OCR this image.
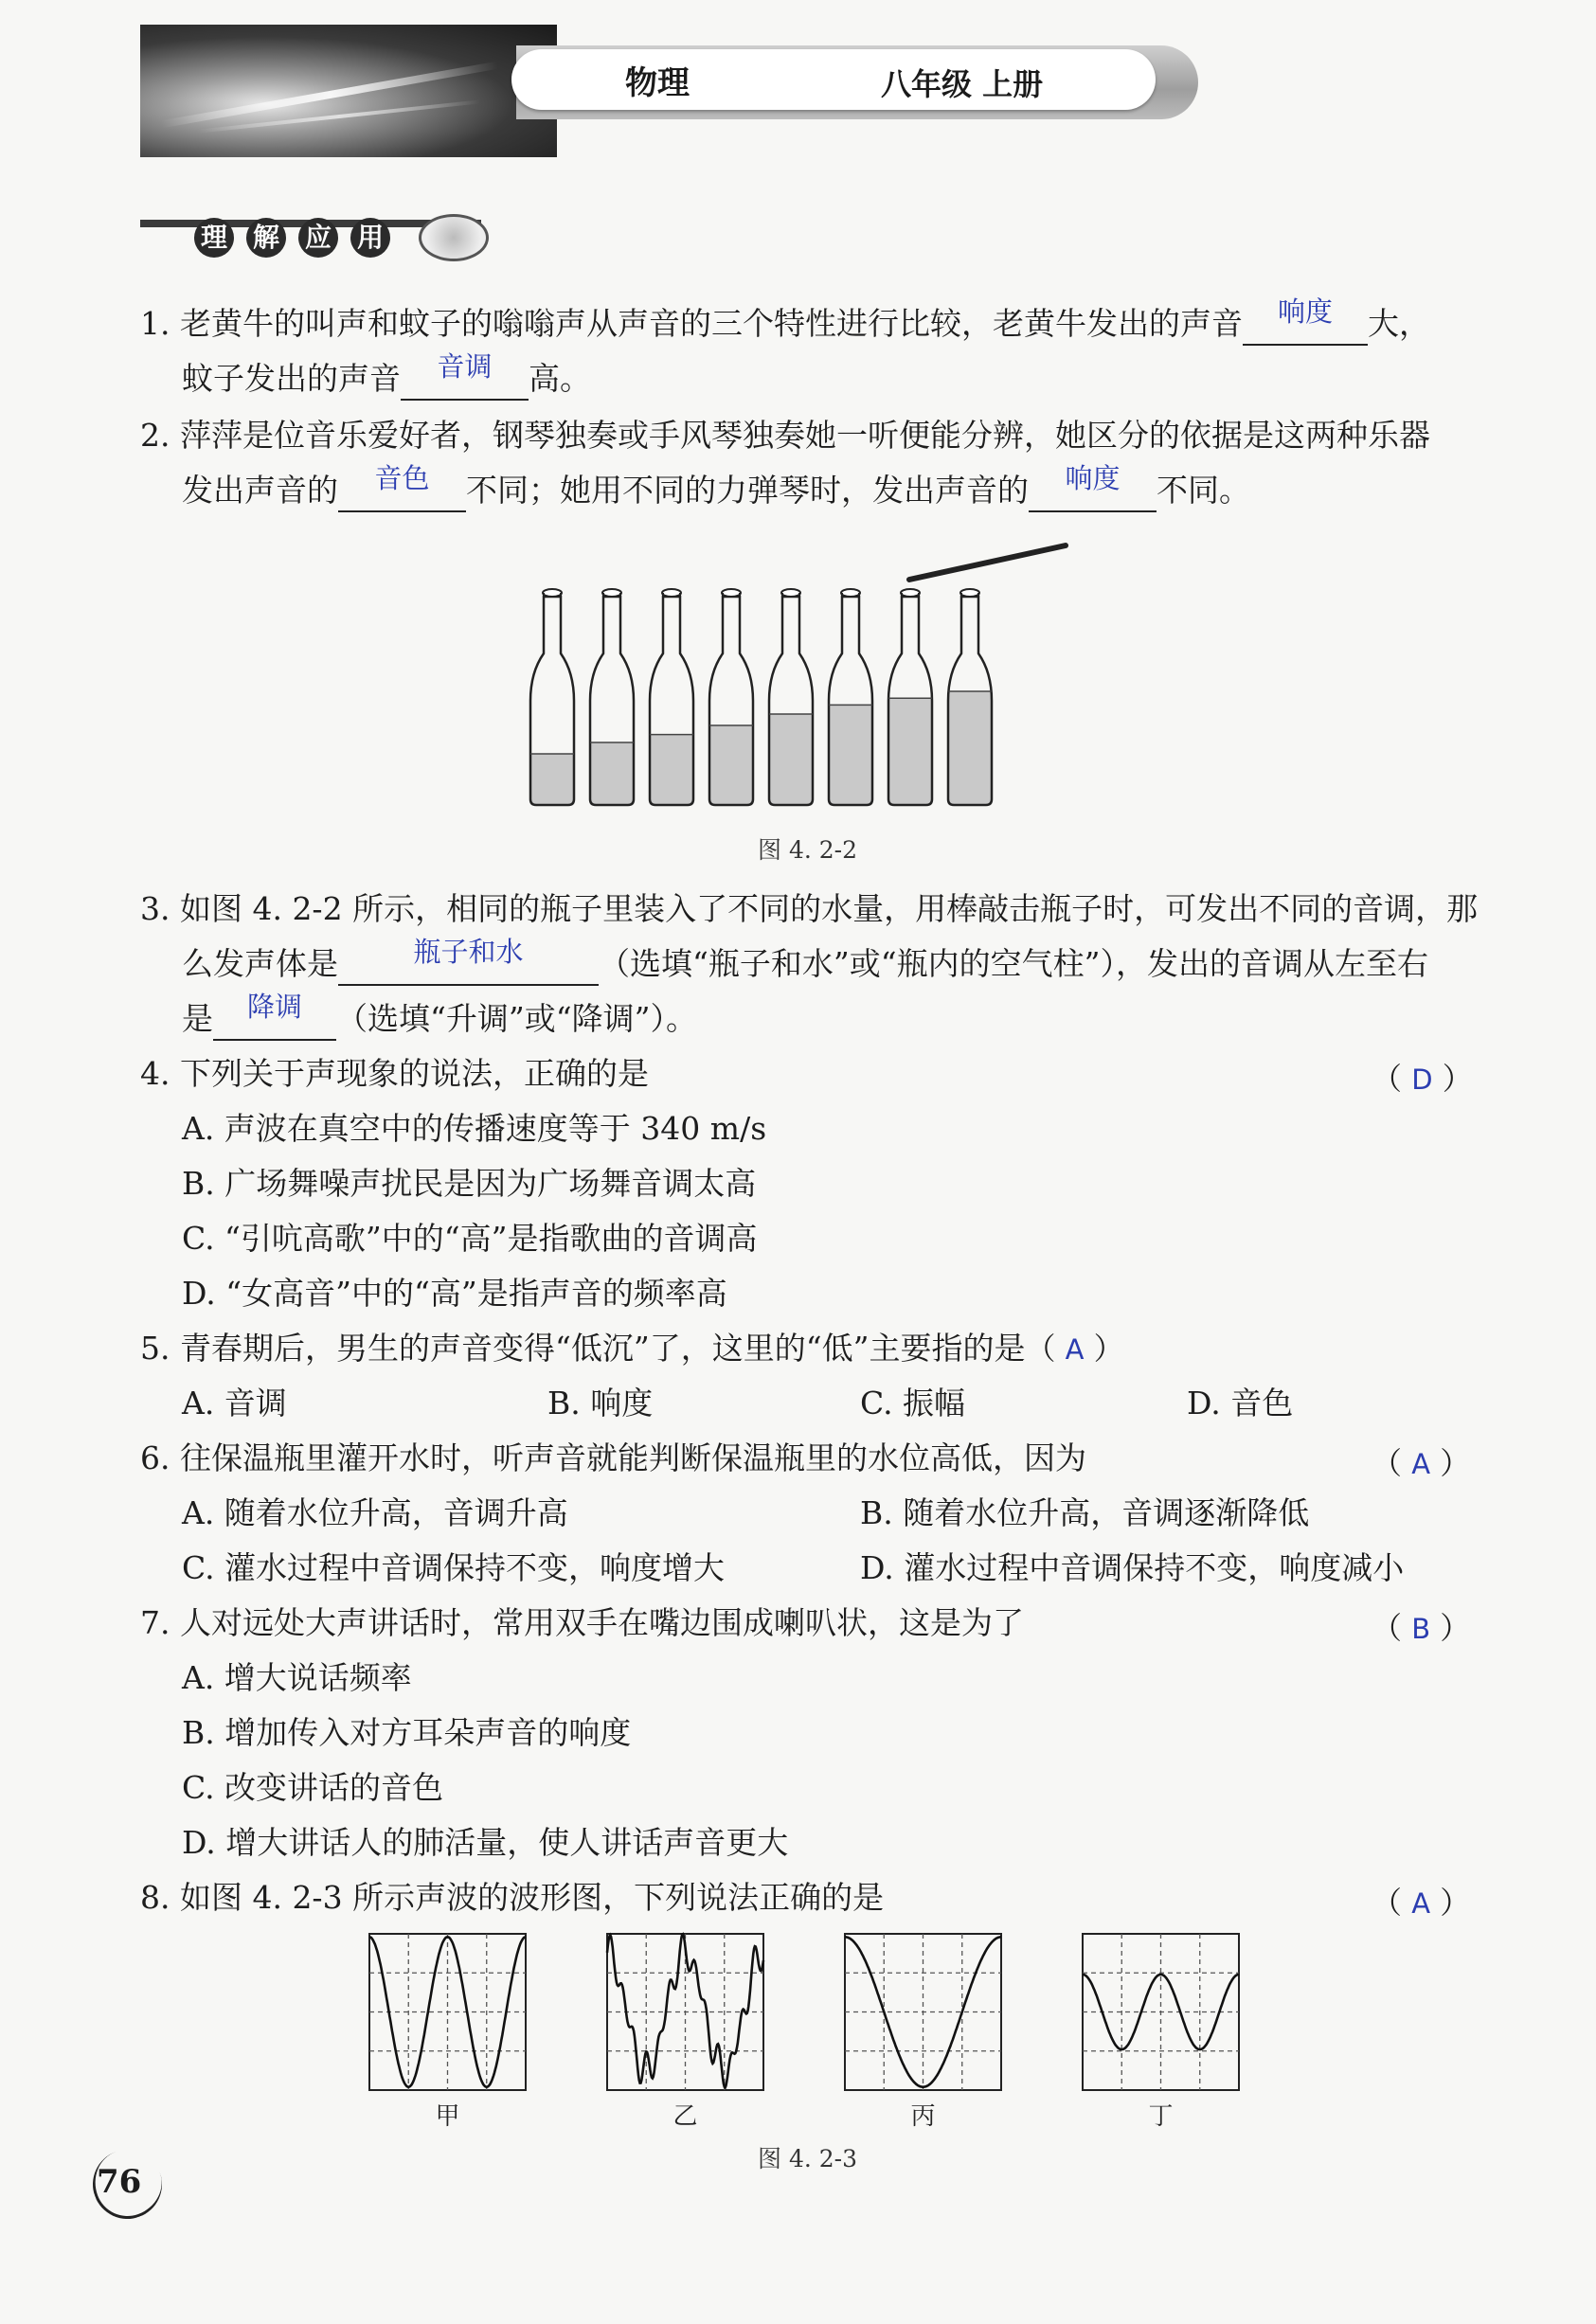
物理	八年级 上册
理 解 应 用
1. 老黄牛的叫声和蚊子的嗡嗡声从声音的三个特性进行比较，老黄牛发出的声音 响度 大，
蚊子发出的声音 音调 高。
2. 萍萍是位音乐爱好者，钢琴独奏或手风琴独奏她一听便能分辨，她区分的依据是这两种乐器
发出声音的 音色 不同；她用不同的力弹琴时，发出声音的 响度 不同。
图 4. 2-2
3. 如图 4. 2-2 所示，相同的瓶子里装入了不同的水量，用棒敲击瓶子时，可发出不同的音调，那
么发声体是	瓶子和水 （选填“瓶子和水”或“瓶内的空气柱”），发出的音调从左至右
是 降调 （选填“升调”或“降调”）。
4. 下列关于声现象的说法，正确的是	（ D ）
A. 声波在真空中的传播速度等于 340 m/s
B. 广场舞噪声扰民是因为广场舞音调太高
C. “引吭高歌”中的“高”是指歌曲的音调高
D. “女高音”中的“高”是指声音的频率高
5. 青春期后，男生的声音变得“低沉”了，这里的“低”主要指的是（ A ）
A. 音调	B. 响度	C. 振幅	D. 音色
6. 往保温瓶里灌开水时，听声音就能判断保温瓶里的水位高低，因为	（ A ）
A. 随着水位升高，音调升高	B. 随着水位升高，音调逐渐降低
C. 灌水过程中音调保持不变，响度增大	D. 灌水过程中音调保持不变，响度减小
7. 人对远处大声讲话时，常用双手在嘴边围成喇叭状，这是为了	（ B ）
A. 增大说话频率
B. 增加传入对方耳朵声音的响度
C. 改变讲话的音色
D. 增大讲话人的肺活量，使人讲话声音更大
8. 如图 4. 2-3 所示声波的波形图，下列说法正确的是	（ A ）
甲	乙	丙	丁
图 4. 2-3
76
